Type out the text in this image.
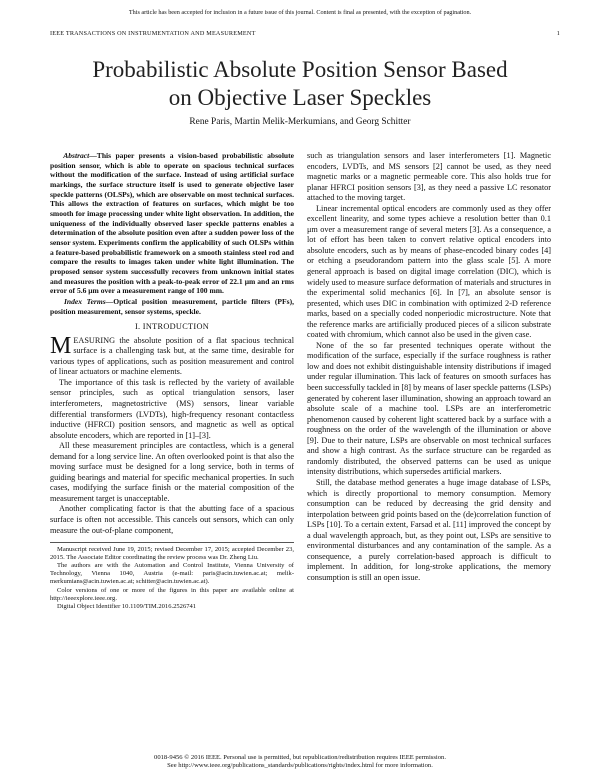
This article has been accepted for inclusion in a future issue of this journal. Content is final as presented, with the exception of pagination.
IEEE TRANSACTIONS ON INSTRUMENTATION AND MEASUREMENT	1
Probabilistic Absolute Position Sensor Based
on Objective Laser Speckles
Rene Paris, Martin Melik-Merkumians, and Georg Schitter
Abstract—This paper presents a vision-based probabilistic absolute position sensor, which is able to operate on spacious technical surfaces without the modification of the surface. Instead of using artificial surface markings, the surface structure itself is used to generate objective laser speckle patterns (OLSPs), which are observable on most technical surfaces. This allows the extraction of features on surfaces, which might be too smooth for image processing under white light observation. In addition, the uniqueness of the individually observed laser speckle patterns enables a determination of the absolute position even after a sudden power loss of the sensor system. Experiments confirm the applicability of such OLSPs within a feature-based probabilistic framework on a smooth stainless steel rod and compare the results to images taken under white light illumination. The proposed sensor system successfully recovers from unknown initial states and measures the position with a peak-to-peak error of 22.1 μm and an rms error of 5.6 μm over a measurement range of 100 mm.
Index Terms—Optical position measurement, particle filters (PFs), position measurement, sensor systems, speckle.
I. INTRODUCTION

MEASURING the absolute position of a flat spacious technical surface is a challenging task but, at the same time, desirable for various types of applications, such as position measurement and control of linear actuators or machine elements.

The importance of this task is reflected by the variety of available sensor principles, such as optical triangulation sensors, laser interferometers, magnetostrictive (MS) sensors, linear variable differential transformers (LVDTs), high-frequency resonant contactless inductive (HFRCI) position sensors, and magnetic as well as optical absolute encoders, which are reported in [1]–[3].

All these measurement principles are contactless, which is a general demand for a long service line. An often overlooked point is that also the moving surface must be designed for a long service, both in terms of guiding bearings and material for specific mechanical properties. In such cases, modifying the surface finish or the material composition of the measurement target is unacceptable.

Another complicating factor is that the abutting face of a spacious surface is often not accessible. This cancels out sensors, which can only measure the out-of-plane component,

Manuscript received June 19, 2015; revised December 17, 2015; accepted December 23, 2015. The Associate Editor coordinating the review process was Dr. Zheng Liu.

The authors are with the Automation and Control Institute, Vienna University of Technology, Vienna 1040, Austria (e-mail: paris@acin.tuwien.ac.at; melik-merkumians@acin.tuwien.ac.at; schitter@acin.tuwien.ac.at).

Color versions of one or more of the figures in this paper are available online at http://ieeexplore.ieee.org.

Digital Object Identifier 10.1109/TIM.2016.2526741

such as triangulation sensors and laser interferometers [1]. Magnetic encoders, LVDTs, and MS sensors [2] cannot be used, as they need magnetic marks or a magnetic permeable core. This also holds true for planar HFRCI position sensors [3], as they need a passive LC resonator attached to the moving target.

Linear incremental optical encoders are commonly used as they offer excellent linearity, and some types achieve a resolution better than 0.1 μm over a measurement range of several meters [3]. As a consequence, a lot of effort has been taken to convert relative optical encoders into absolute encoders, such as by means of phase-encoded binary codes [4] or etching a pseudorandom pattern into the glass scale [5]. A more general approach is based on digital image correlation (DIC), which is widely used to measure surface deformation of materials and structures in the experimental solid mechanics [6]. In [7], an absolute sensor is presented, which uses DIC in combination with optimized 2-D reference marks, based on a specially coded nonperiodic microstructure. Note that the reference marks are artificially produced pieces of a silicon substrate coated with chromium, which cannot also be used in the given case.

None of the so far presented techniques operate without the modification of the surface, especially if the surface roughness is rather low and does not exhibit distinguishable intensity distributions if imaged under regular illumination. This lack of features on smooth surfaces has been successfully tackled in [8] by means of laser speckle patterns (LSPs) generated by coherent laser illumination, showing an approach toward an absolute scale of a machine tool. LSPs are an interferometric phenomenon caused by coherent light scattered back by a surface with a roughness on the order of the wavelength of the illumination or above [9]. Due to their nature, LSPs are observable on most technical surfaces and show a high contrast. As the surface structure can be regarded as randomly distributed, the observed patterns can be used as unique intensity distributions, which supersedes artificial markers.

Still, the database method generates a huge image database of LSPs, which is directly proportional to memory consumption. Memory consumption can be reduced by decreasing the grid density and interpolation between grid points based on the (de)correlation function of LSPs [10]. To a certain extent, Farsad et al. [11] improved the concept by a dual wavelength approach, but, as they point out, LSPs are sensitive to environmental disturbances and any contamination of the sample. As a consequence, a purely correlation-based approach is difficult to implement. In addition, for long-stroke applications, the memory consumption is still an open issue.

0018-9456 © 2016 IEEE. Personal use is permitted, but republication/redistribution requires IEEE permission.
See http://www.ieee.org/publications_standards/publications/rights/index.html for more information.
